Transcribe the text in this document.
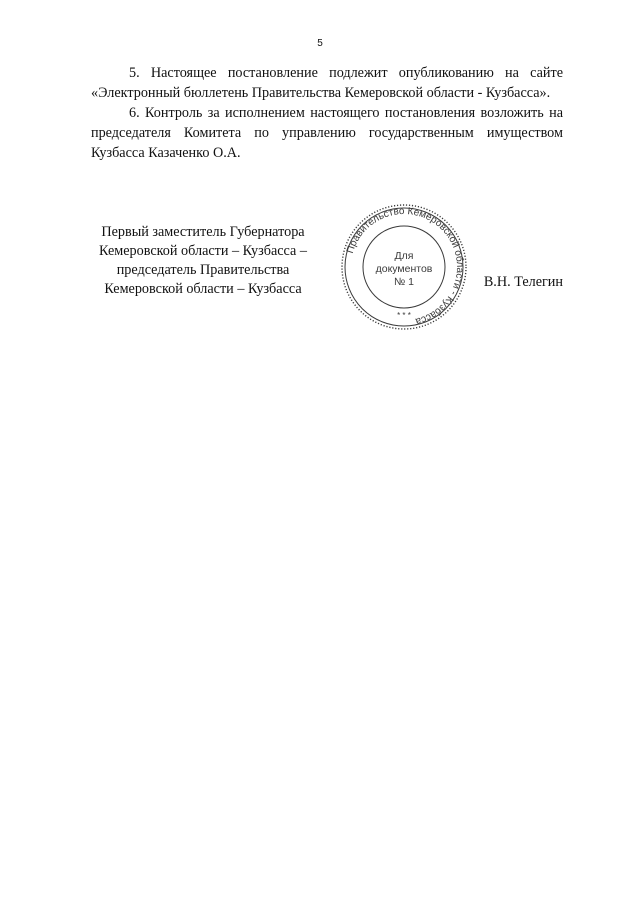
5

5. Настоящее постановление подлежит опубликованию на сайте «Электронный бюллетень Правительства Кемеровской области - Кузбасса».

6. Контроль за исполнением настоящего постановления возложить на председателя Комитета по управлению государственным имуществом Кузбасса Казаченко О.А.

Первый заместитель Губернатора
Кемеровской области – Кузбасса –
председатель Правительства
Кемеровской области – Кузбасса
Правительство Кемеровской области - Кузбасса
Для
документов
№ 1
* * *
В.Н. Телегин
